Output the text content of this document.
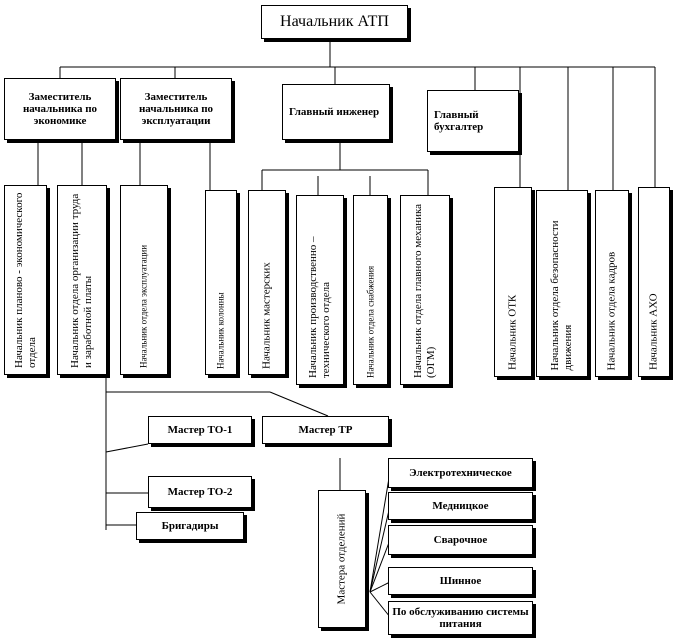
Начальник АТП
Заместитель начальника по экономике
Заместитель начальника по эксплуатации
Главный инженер	Главный бухгалтер
Начальник планово - экономического отдела	Начальник отдела организации труда и заработной платы	Начальник отдела эксплуатации	Начальник колонны	Начальник мастерских	Начальник производственно – технического отдела	Начальник отдела снабжения	Начальник отдела главного механика (ОГМ)	Начальник ОТК	Начальник отдела безопасности движения	Начальник отдела кадров	Начальник АХО
Мастер ТО-1	Мастер ТР
Мастер ТО-2
Бригадиры	Мастера отделений
Электротехническое
Медницкое
Сварочное
Шинное
По обслуживанию системы питания
